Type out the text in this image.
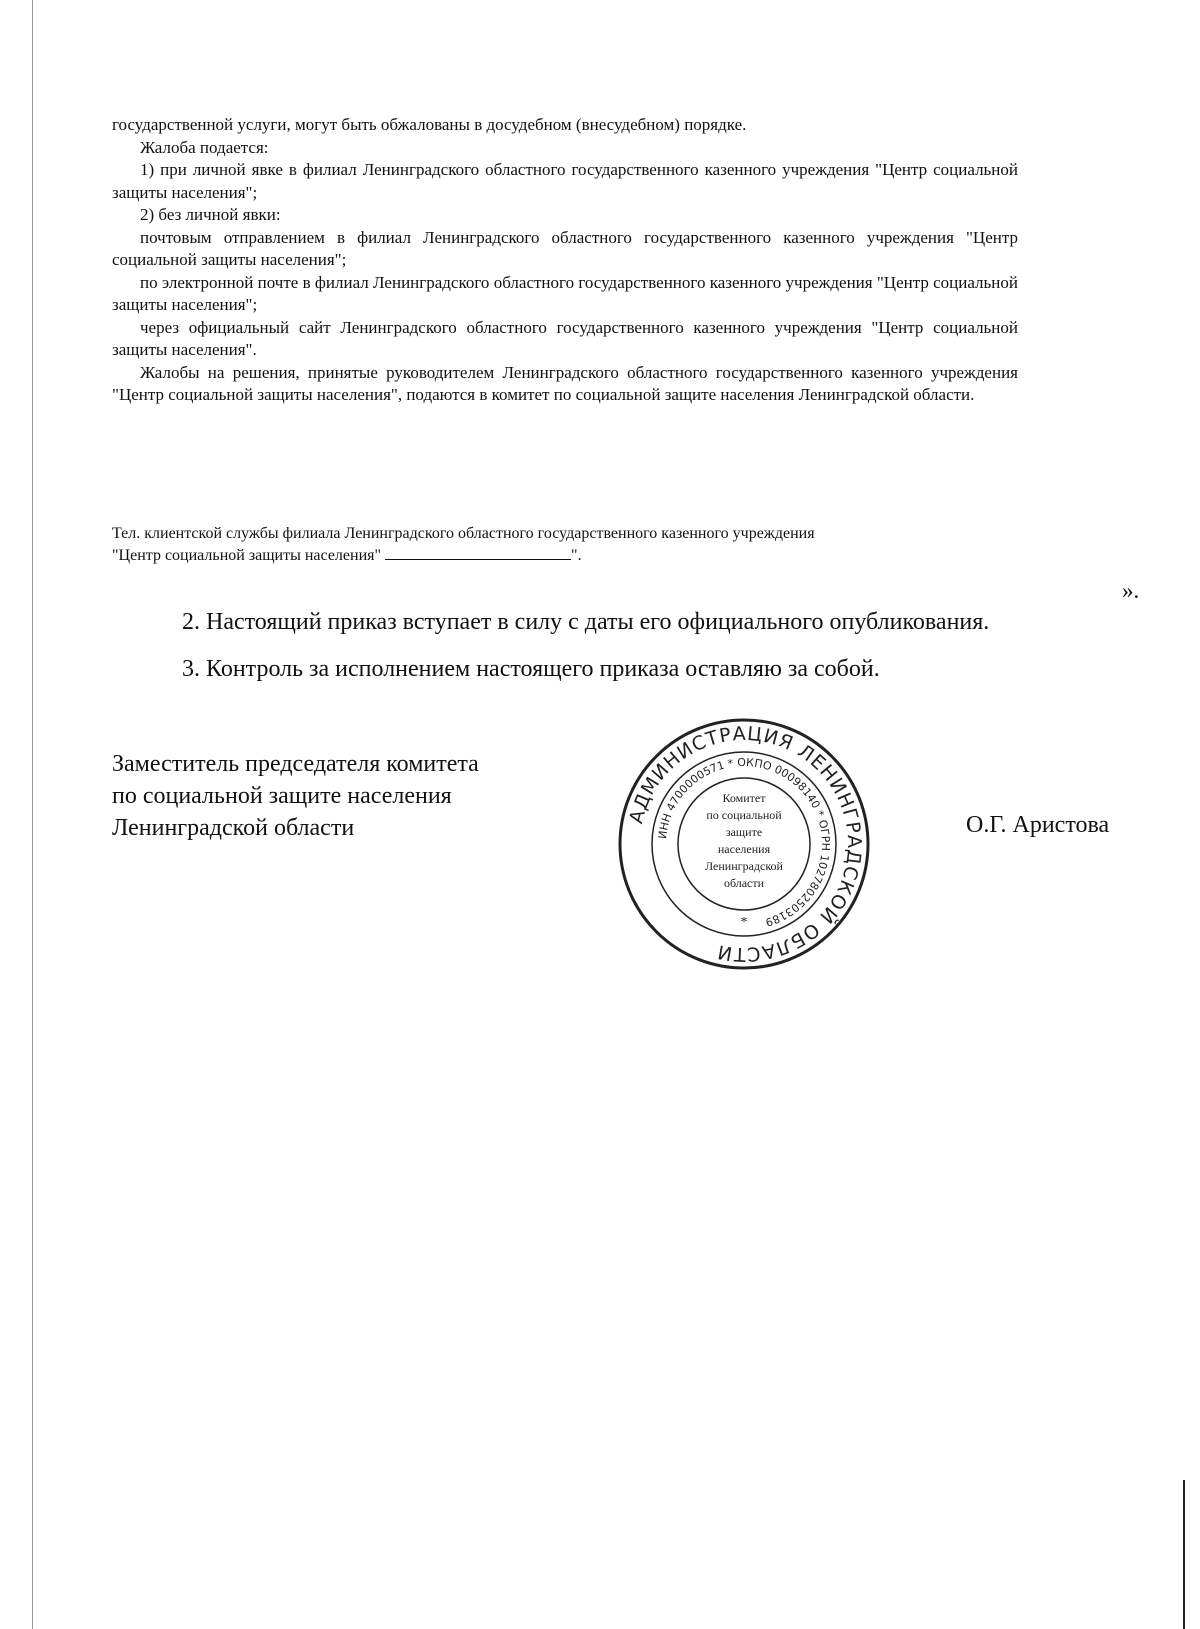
государственной услуги, могут быть обжалованы в досудебном (внесудебном) порядке.

Жалоба подается:

1) при личной явке в филиал Ленинградского областного государственного казенного учреждения "Центр социальной защиты населения";

2) без личной явки:

почтовым отправлением в филиал Ленинградского областного государственного казенного учреждения "Центр социальной защиты населения";

по электронной почте в филиал Ленинградского областного государственного казенного учреждения "Центр социальной защиты населения";

через официальный сайт Ленинградского областного государственного казенного учреждения "Центр социальной защиты населения".

Жалобы на решения, принятые руководителем Ленинградского областного государственного казенного учреждения "Центр социальной защиты населения", подаются в комитет по социальной защите населения Ленинградской области.

Тел. клиентской службы филиала Ленинградского областного государственного казенного учреждения

"Центр социальной защиты населения"	".

».
2. Настоящий приказ вступает в силу с даты его официального опубликования.
3. Контроль за исполнением настоящего приказа оставляю за собой.
Заместитель председателя комитета
по социальной защите населения
Ленинградской области	АДМИНИСТРАЦИЯ ЛЕНИНГРАДСКОЙ ОБЛАСТИ
ИНН 4700000571 * ОКПО 00098140 * ОГРН 1027802503189
Комитет
по социальной
защите
населения
Ленинградской
области
*
О.Г. Аристова
